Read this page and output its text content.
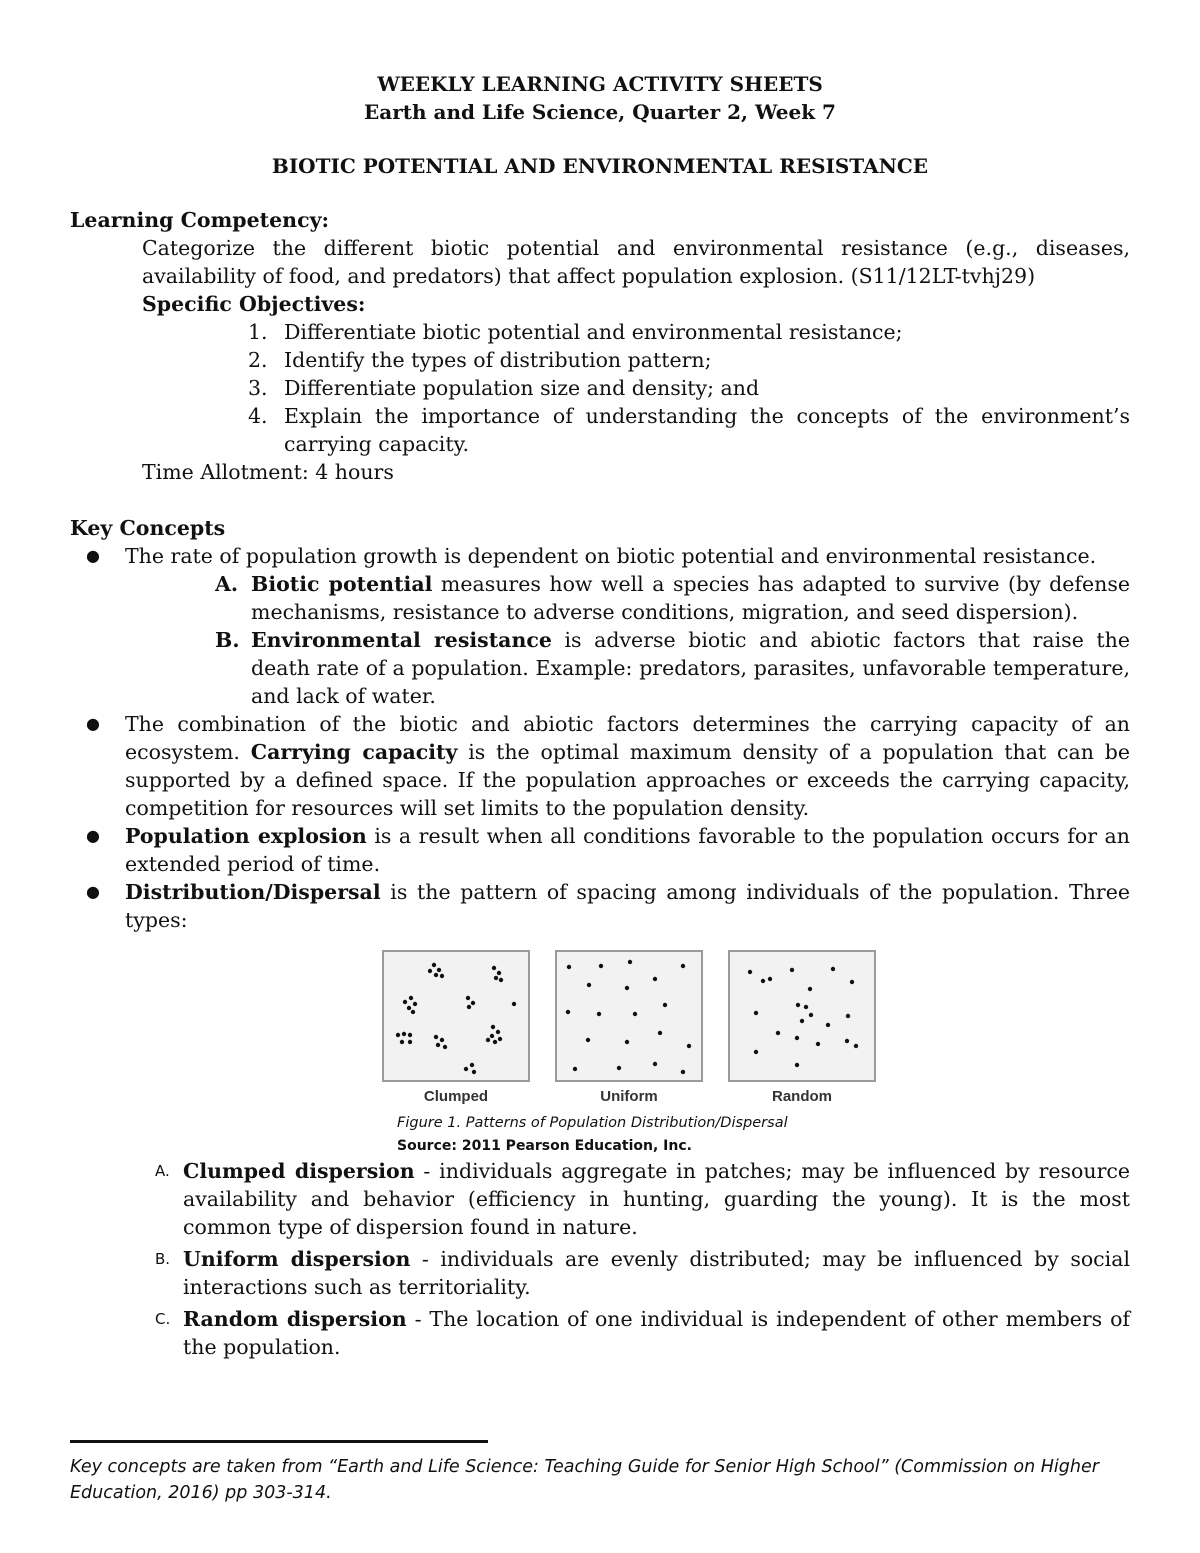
WEEKLY LEARNING ACTIVITY SHEETS
Earth and Life Science, Quarter 2, Week 7
BIOTIC POTENTIAL AND ENVIRONMENTAL RESISTANCE
Learning Competency:
Categorize the different biotic potential and environmental resistance (e.g., diseases, availability of food, and predators) that affect population explosion. (S11/12LT-tvhj29)
Specific Objectives:
1. Differentiate biotic potential and environmental resistance;
2. Identify the types of distribution pattern;
3. Differentiate population size and density; and
4. Explain the importance of understanding the concepts of the environment’s carrying capacity.
Time Allotment: 4 hours
Key Concepts
●	The rate of population growth is dependent on biotic potential and environmental resistance.
A. Biotic potential measures how well a species has adapted to survive (by defense mechanisms, resistance to adverse conditions, migration, and seed dispersion).
B. Environmental resistance is adverse biotic and abiotic factors that raise the death rate of a population. Example: predators, parasites, unfavorable temperature, and lack of water.
●	The combination of the biotic and abiotic factors determines the carrying capacity of an ecosystem. Carrying capacity is the optimal maximum density of a population that can be supported by a defined space. If the population approaches or exceeds the carrying capacity, competition for resources will set limits to the population density.
●	Population explosion is a result when all conditions favorable to the population occurs for an extended period of time.
●	Distribution/Dispersal is the pattern of spacing among individuals of the population. Three types:
Clumped	Uniform	Random
Figure 1. Patterns of Population Distribution/Dispersal
Source: 2011 Pearson Education, Inc.
A. Clumped dispersion - individuals aggregate in patches; may be influenced by resource availability and behavior (efficiency in hunting, guarding the young). It is the most common type of dispersion found in nature.
B. Uniform dispersion - individuals are evenly distributed; may be influenced by social interactions such as territoriality.
C. Random dispersion - The location of one individual is independent of other members of the population.
Key concepts are taken from “Earth and Life Science: Teaching Guide for Senior High School” (Commission on Higher Education, 2016) pp 303-314.
